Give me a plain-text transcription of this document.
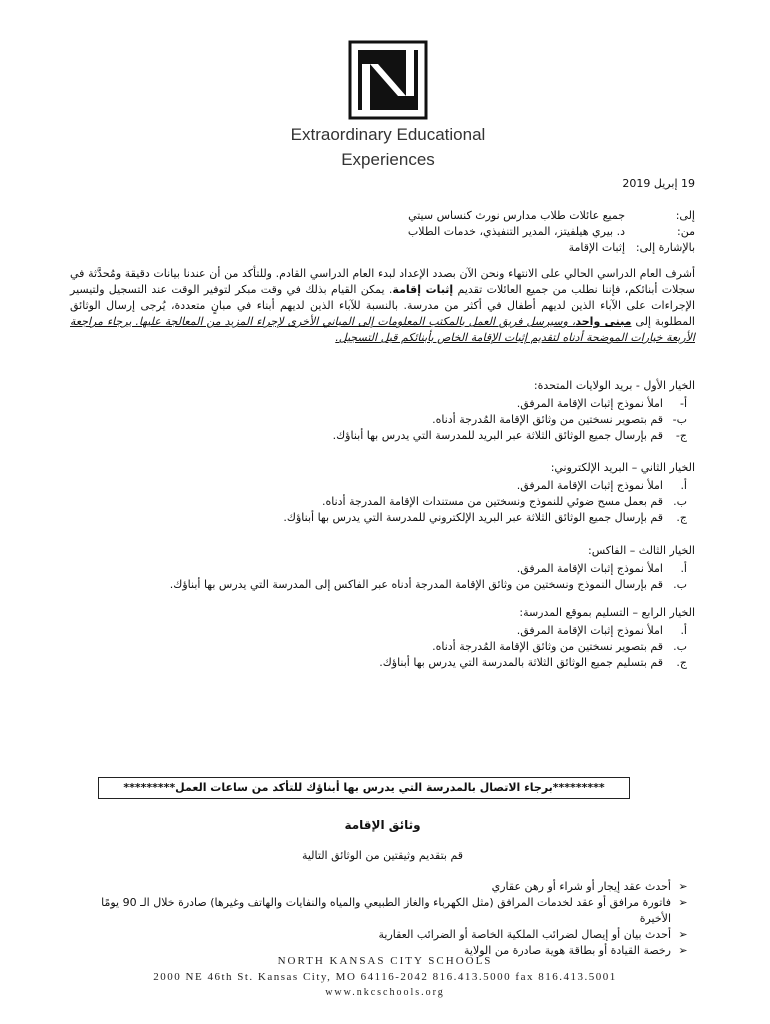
Extraordinary Educational
Experiences
19 إبريل 2019
إلى:
جميع عائلات طلاب مدارس نورث كنساس سيتي
من:
د. بيري هيلفيتز، المدير التنفيذي، خدمات الطلاب
بالإشارة إلى:
إثبات الإقامة
أشرف العام الدراسي الحالي على الانتهاء ونحن الآن بصدد الإعداد لبدء العام الدراسي القادم. وللتأكد من أن عندنا بيانات دقيقة ومُحدَّثة في سجلات أبنائكم، فإننا نطلب من جميع العائلات تقديم إثبات إقامة. يمكن القيام بذلك في وقت مبكر لتوفير الوقت عند التسجيل ولتيسير الإجراءات على الآباء الذين لديهم أطفال في أكثر من مدرسة. بالنسبة للآباء الذين لديهم أبناء في مبانٍ متعددة، يُرجى إرسال الوثائق المطلوبة إلى مبنى واحد، وسيرسل فريق العمل بالمكتب المعلومات إلى المباني الأخرى لإجراء المزيد من المعالجة عليها. يرجاء مراجعة الأربعة خيارات الموضحة أدناه لتقديم إثبات الإقامة الخاص بأبنائكم قبل التسجيل.
الخيار الأول - بريد الولايات المتحدة:
أ-
املأ نموذج إثبات الإقامة المرفق.
ب-
قم بتصوير نسختين من وثائق الإقامة المُدرجة أدناه.
ج-
قم بإرسال جميع الوثائق الثلاثة عبر البريد للمدرسة التي يدرس بها أبناؤك.
الخيار الثاني – البريد الإلكتروني:
أ.
املأ نموذج إثبات الإقامة المرفق.
ب.
قم بعمل مسح ضوئي للنموذج ونسختين من مستندات الإقامة المدرجة أدناه.
ج.
قم بإرسال جميع الوثائق الثلاثة عبر البريد الإلكتروني للمدرسة التي يدرس بها أبناؤك.
الخيار الثالث – الفاكس:
أ.
املأ نموذج إثبات الإقامة المرفق.
ب.
قم بإرسال النموذج ونسختين من وثائق الإقامة المدرجة أدناه عبر الفاكس إلى المدرسة التي يدرس بها أبناؤك.
الخيار الرابع – التسليم بموقع المدرسة:
أ.
املأ نموذج إثبات الإقامة المرفق.
ب.
قم بتصوير نسختين من وثائق الإقامة المُدرجة أدناه.
ج.
قم بتسليم جميع الوثائق الثلاثة بالمدرسة التي يدرس بها أبناؤك.
*********برجاء الاتصال بالمدرسة التي يدرس بها أبناؤك للتأكد من ساعات العمل*********
وثائق الإقامة
قم بتقديم وثيقتين من الوثائق التالية
➢
أحدث عقد إيجار أو شراء أو رهن عقاري
➢
فاتورة مرافق أو عقد لخدمات المرافق (مثل الكهرباء والغاز الطبيعي والمياه والنفايات والهاتف وغيرها) صادرة خلال الـ 90 يومًا الأخيرة
➢
أحدث بيان أو إيصال لضرائب الملكية الخاصة أو الضرائب العقارية
➢
رخصة القيادة أو بطاقة هوية صادرة من الولاية
NORTH KANSAS CITY SCHOOLS
2000 NE 46th St. Kansas City, MO 64116-2042 816.413.5000 fax 816.413.5001
www.nkcschools.org
